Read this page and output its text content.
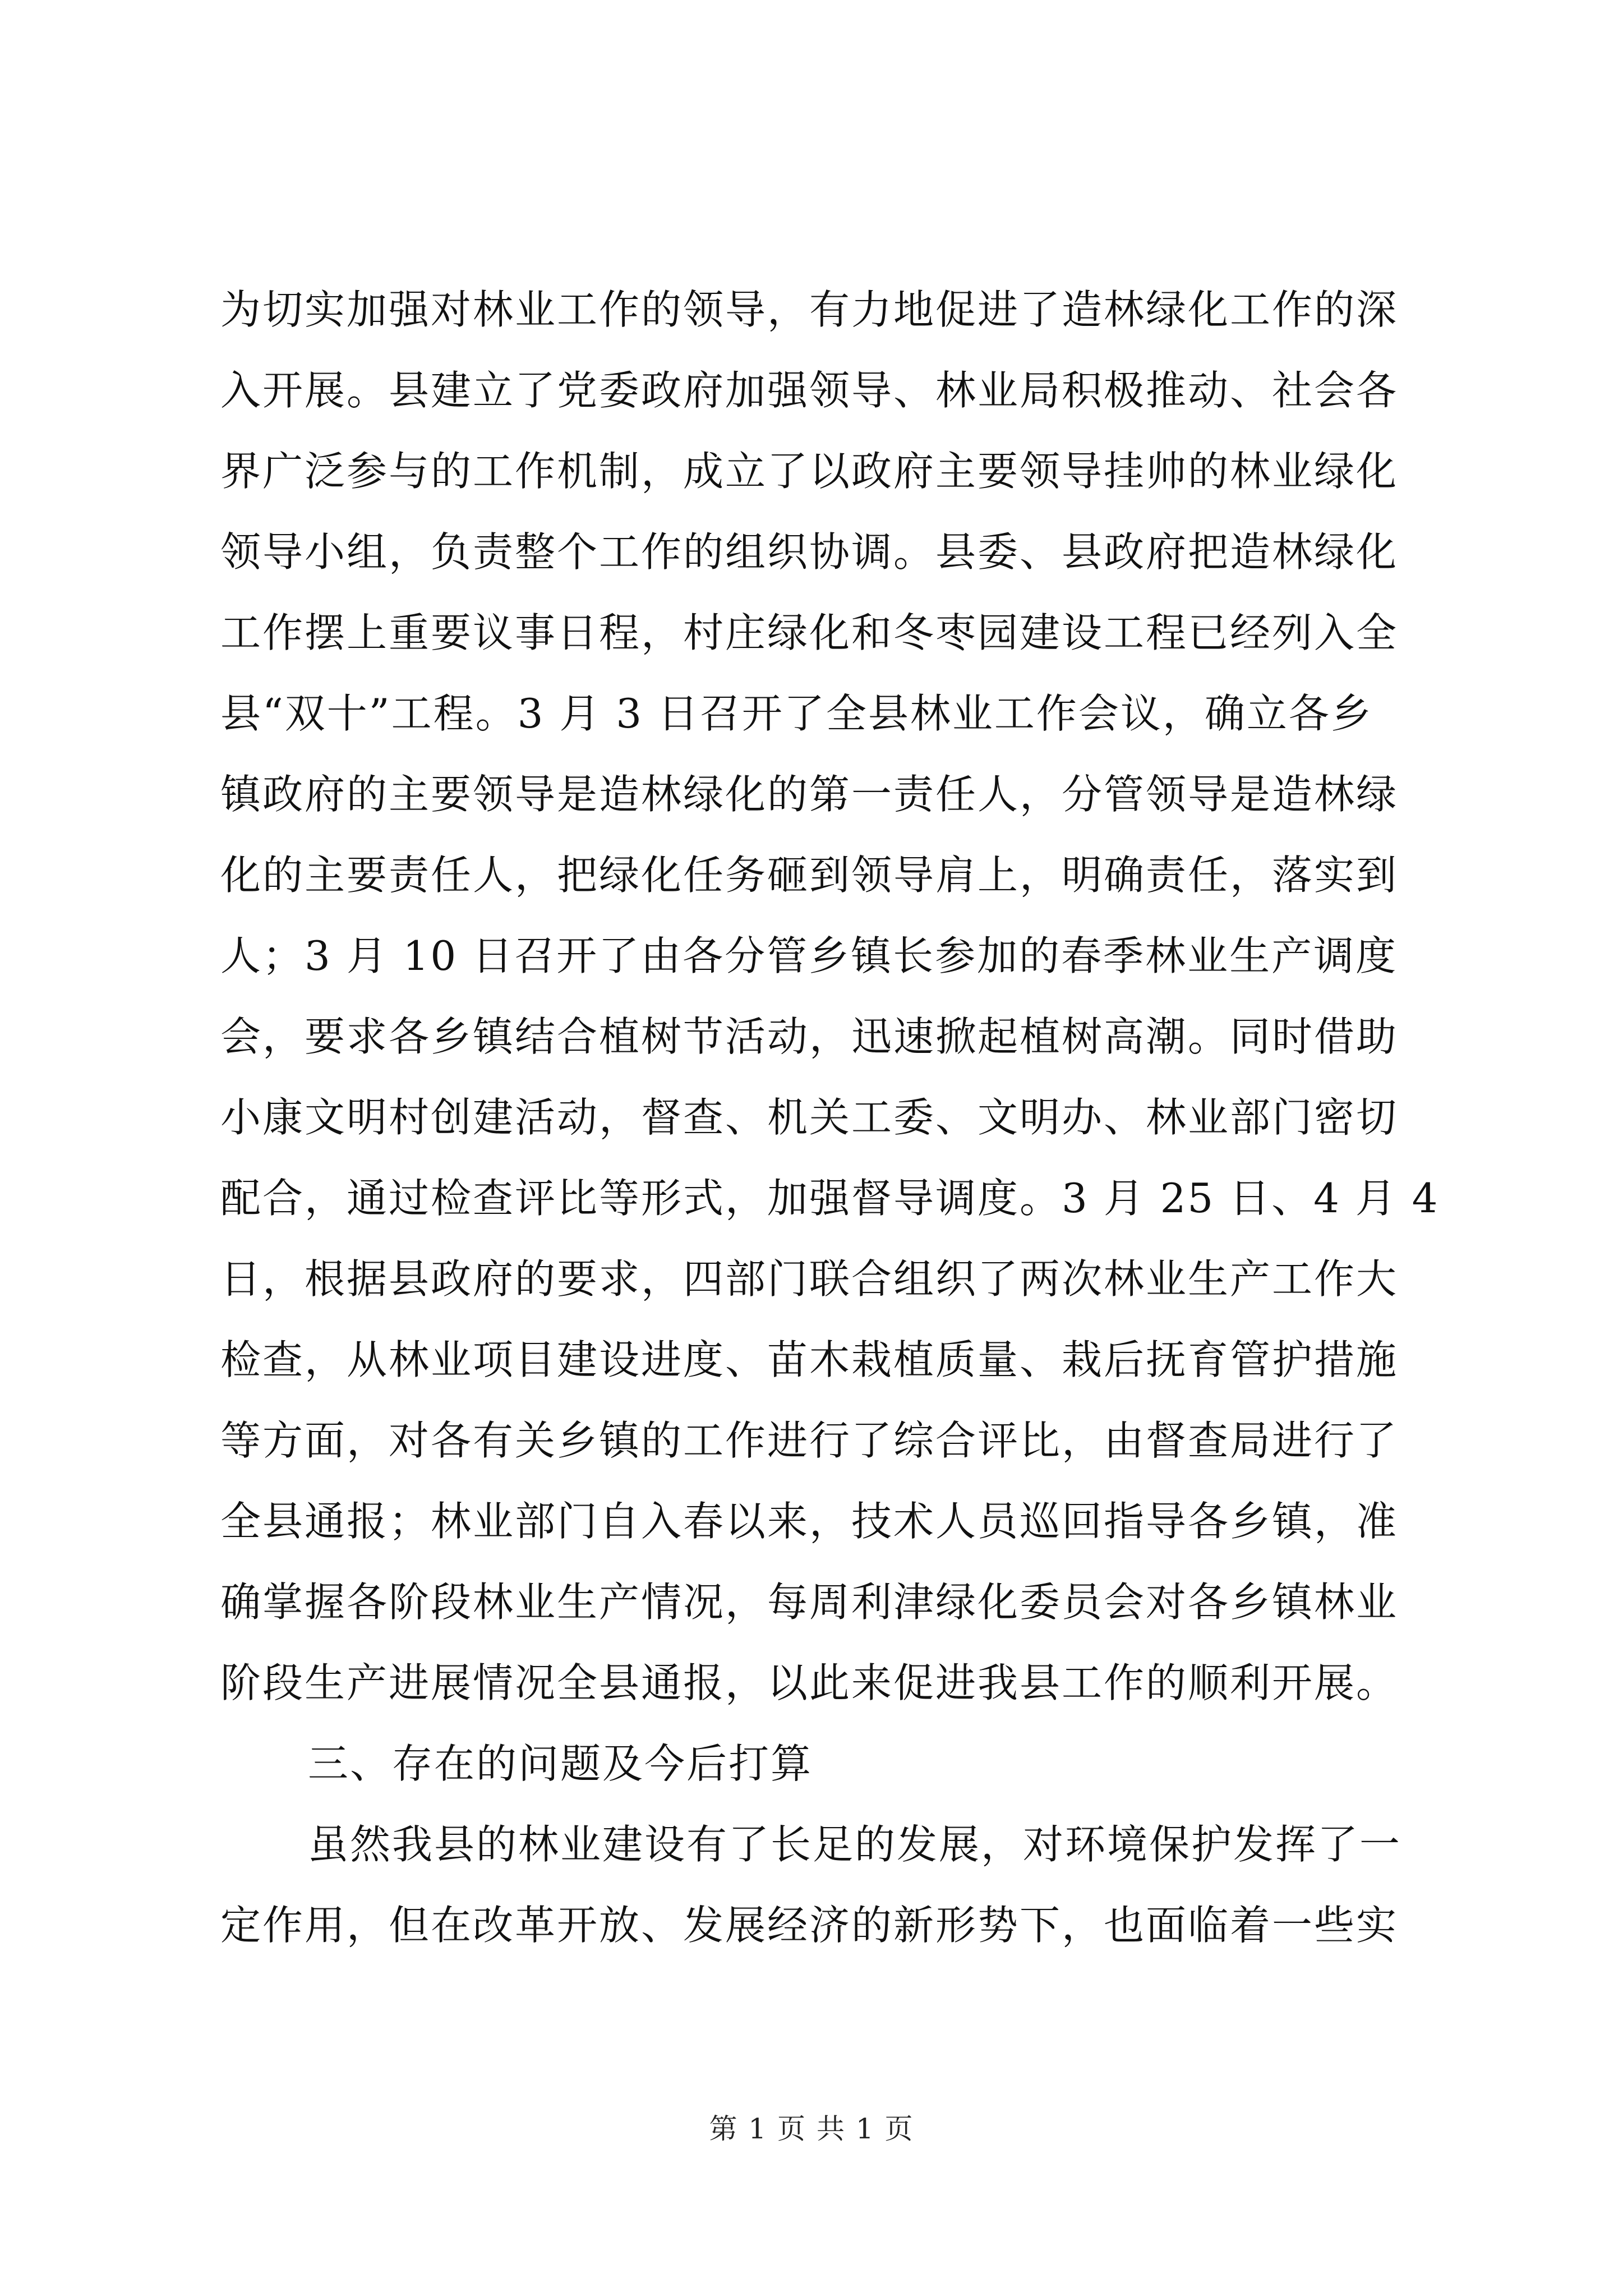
为切实加强对林业工作的领导，有力地促进了造林绿化工作的深
入开展。县建立了党委政府加强领导、林业局积极推动、社会各
界广泛参与的工作机制，成立了以政府主要领导挂帅的林业绿化
领导小组，负责整个工作的组织协调。县委、县政府把造林绿化
工作摆上重要议事日程，村庄绿化和冬枣园建设工程已经列入全
县“双十”工程。3 月 3 日召开了全县林业工作会议，确立各乡
镇政府的主要领导是造林绿化的第一责任人，分管领导是造林绿
化的主要责任人，把绿化任务砸到领导肩上，明确责任，落实到
人；3 月 10 日召开了由各分管乡镇长参加的春季林业生产调度
会，要求各乡镇结合植树节活动，迅速掀起植树高潮。同时借助
小康文明村创建活动，督查、机关工委、文明办、林业部门密切
配合，通过检查评比等形式，加强督导调度。3 月 25 日、4 月 4
日，根据县政府的要求，四部门联合组织了两次林业生产工作大
检查，从林业项目建设进度、苗木栽植质量、栽后抚育管护措施
等方面，对各有关乡镇的工作进行了综合评比，由督查局进行了
全县通报；林业部门自入春以来，技术人员巡回指导各乡镇，准
确掌握各阶段林业生产情况，每周利津绿化委员会对各乡镇林业
阶段生产进展情况全县通报，以此来促进我县工作的顺利开展。
三、存在的问题及今后打算
虽然我县的林业建设有了长足的发展，对环境保护发挥了一
定作用，但在改革开放、发展经济的新形势下，也面临着一些实
第 1 页 共 1 页
